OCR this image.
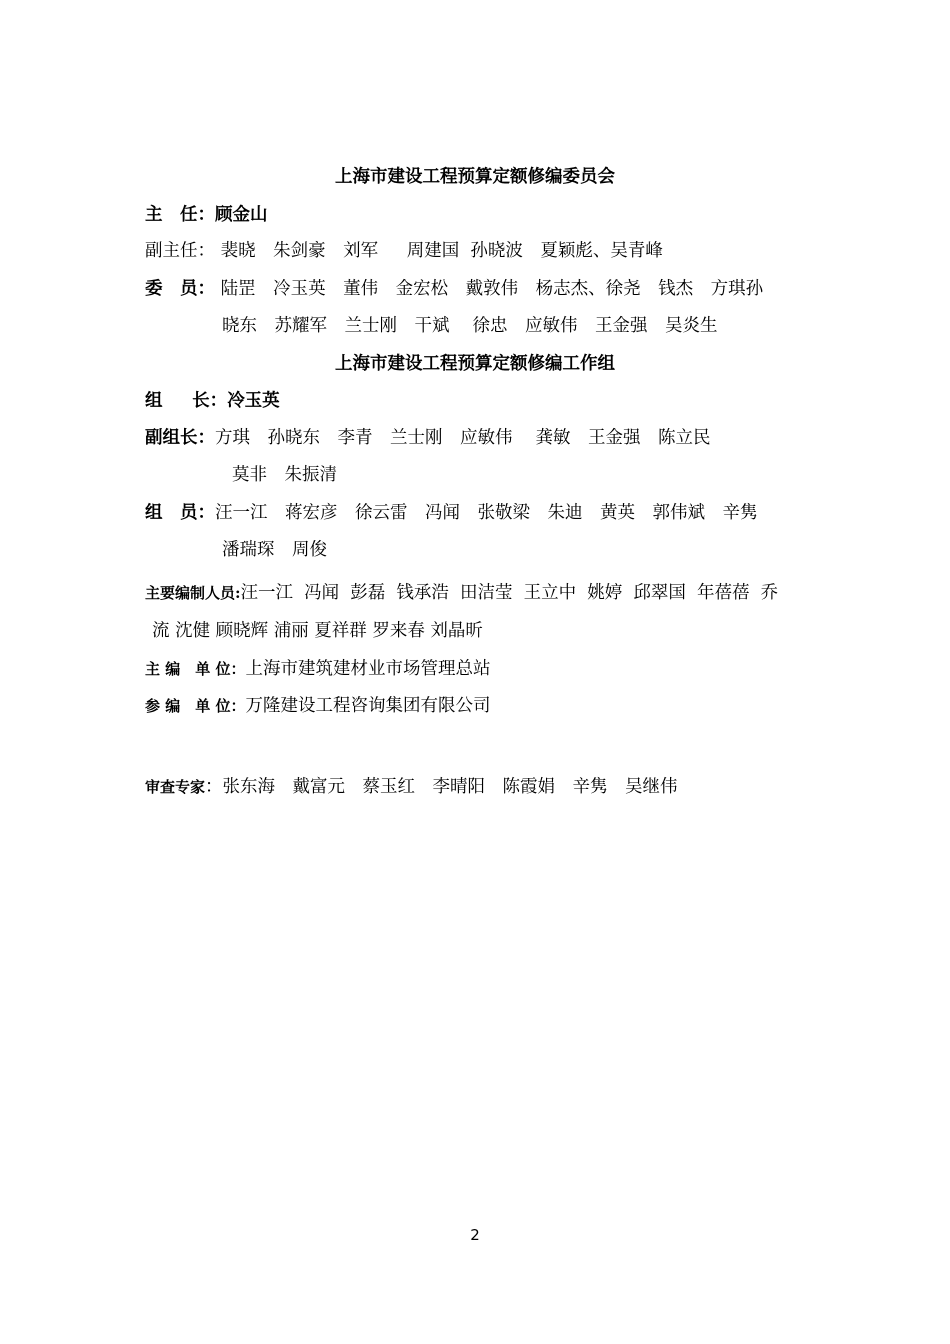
上海市建设工程预算定额修编委员会
主　任：顾金山
副主任： 裴晓　朱剑豪　刘军　  周建国  孙晓波　夏颖彪、吴青峰
委　员： 陆罡　冷玉英　董伟　金宏松　戴敦伟　杨志杰、徐尧　钱杰　方琪孙
晓东　苏耀军　兰士刚　干斌　 徐忠　应敏伟　王金强　吴炎生
上海市建设工程预算定额修编工作组
组　  长：冷玉英
副组长：方琪　孙晓东　李青　兰士刚　应敏伟　 龚敏　王金强　陈立民
莫非　朱振清
组　员：汪一江　蒋宏彦　徐云雷　冯闻　张敬梁　朱迪　黄英　郭伟斌　辛隽
潘瑞琛　周俊
主要编制人员:汪一江  冯闻  彭磊  钱承浩  田洁莹  王立中  姚婷  邱翠国  年蓓蓓  乔
流 沈健 顾晓辉 浦丽 夏祥群 罗来春 刘晶昕
主 编　单 位：上海市建筑建材业市场管理总站
参 编　单 位：万隆建设工程咨询集团有限公司
审查专家：张东海　戴富元　蔡玉红　李晴阳　陈霞娟　辛隽　吴继伟
2
